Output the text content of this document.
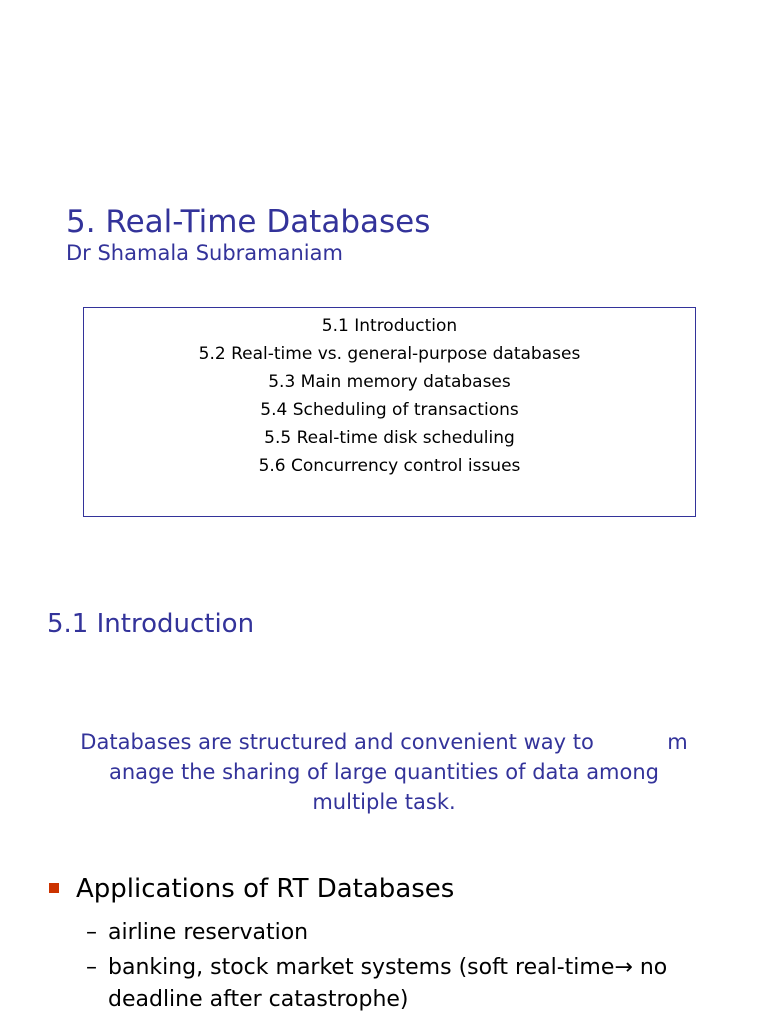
5. Real-Time Databases
Dr Shamala Subramaniam
5.1 Introduction
5.2 Real-time vs. general-purpose databases
5.3 Main memory databases
5.4 Scheduling of transactions
5.5 Real-time disk scheduling
5.6 Concurrency control issues
5.1 Introduction
Databases are structured and convenient way to           m
anage the sharing of large quantities of data among
multiple task.
Applications of RT Databases
– airline reservation
– banking, stock market systems (soft real-time→ no
deadline after catastrophe)
